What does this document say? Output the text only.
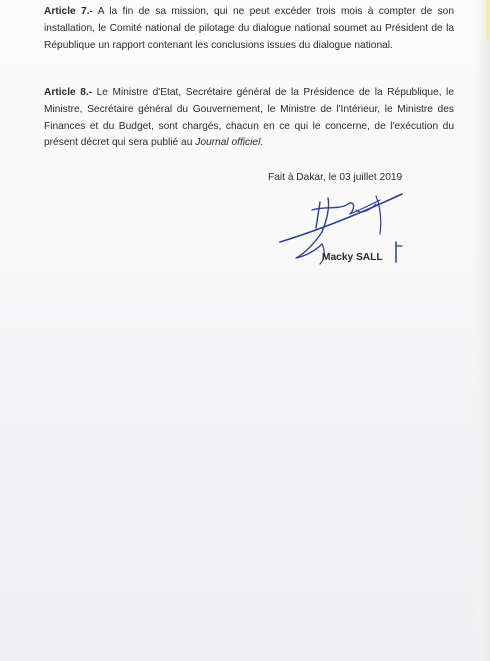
Article 7.- A la fin de sa mission, qui ne peut excéder trois mois à compter de son installation, le Comité national de pilotage du dialogue national soumet au Président de la République un rapport contenant les conclusions issues du dialogue national.

Article 8.- Le Ministre d'Etat, Secrétaire général de la Présidence de la République, le Ministre, Secrétaire général du Gouvernement, le Ministre de l'Intérieur, le Ministre des Finances et du Budget, sont chargés, chacun en ce qui le concerne, de l'exécution du présent décret qui sera publié au Journal officiel.

Fait à Dakar, le 03 juillet 2019
Macky SALL
